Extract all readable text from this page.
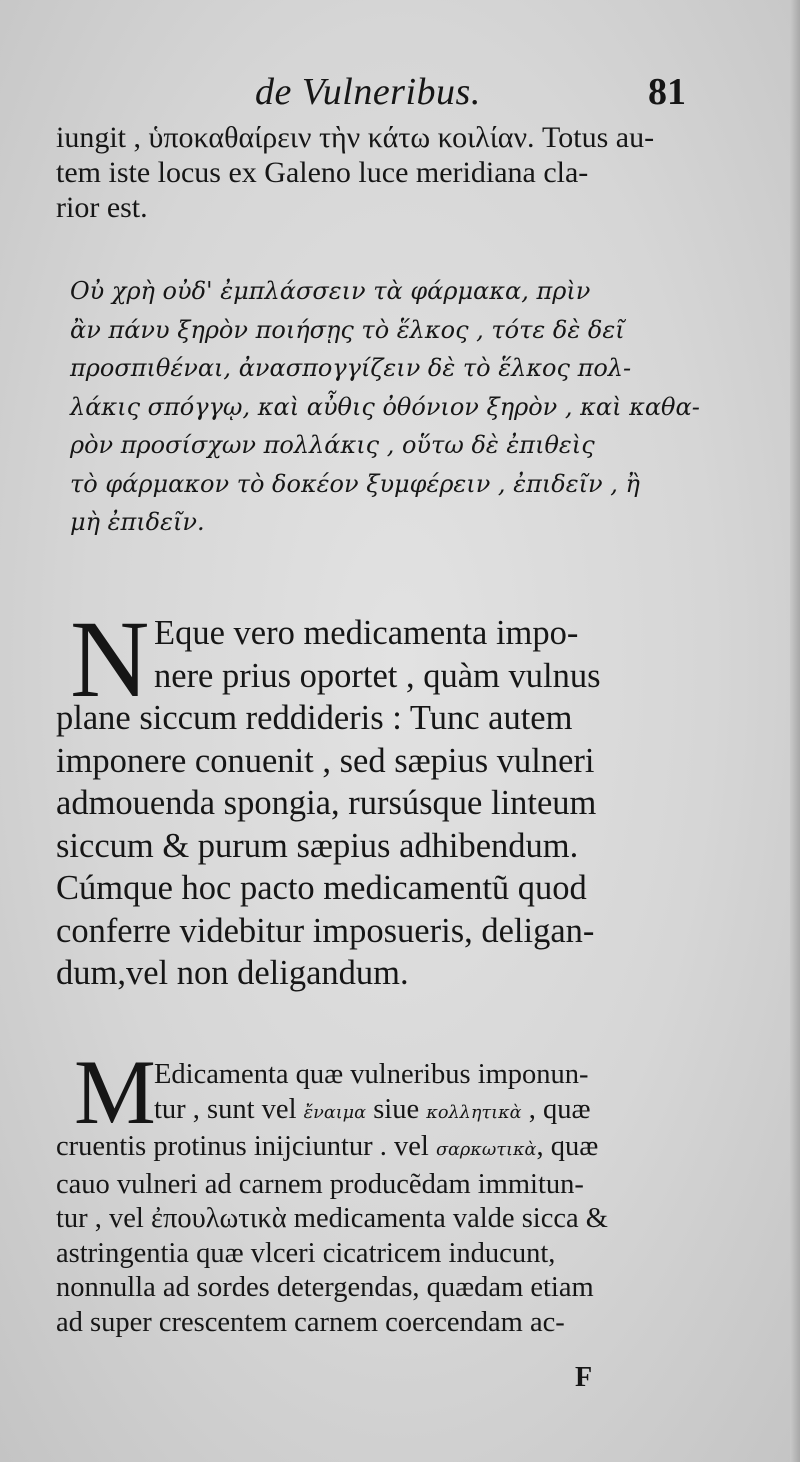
de Vulneribus.	81
iungit , ὑποκαθαίρειν τὴν κάτω κοιλίαν. Totus au-
tem iste locus ex Galeno luce meridiana cla-
rior est.
Οὐ χρὴ οὐδ' ἐμπλάσσειν τὰ φάρμακα, πρὶν
ἂν πάνυ ξηρὸν ποιήσῃς τὸ ἕλκος , τότε δὲ δεῖ
προσπιθέναι, ἀνασπογγίζειν δὲ τὸ ἕλκος πολ-
λάκις σπόγγῳ, καὶ αὖθις ὀθόνιον ξηρὸν , καὶ καθα-
ρὸν προσίσχων πολλάκις , οὕτω δὲ ἐπιθεὶς
τὸ φάρμακον τὸ δοκέον ξυμφέρειν , ἐπιδεῖν , ἢ
μὴ ἐπιδεῖν.
N Eque vero medicamenta impo-
nere prius oportet , quàm vulnus
plane siccum reddideris : Tunc autem
imponere conuenit , sed sæpius vulneri
admouenda spongia, rursúsque linteum
siccum & purum sæpius adhibendum.
Cúmque hoc pacto medicamentũ quod
conferre videbitur imposueris, deligan-
dum,vel non deligandum.
M
Edicamenta quæ vulneribus imponun-
tur , sunt vel ἔναιμα siue κολλητικὰ , quæ
cruentis protinus inijciuntur . vel σαρκωτικὰ, quæ
cauo vulneri ad carnem producẽdam immitun-
tur , vel ἐπουλωτικὰ medicamenta valde sicca &
astringentia quæ vlceri cicatricem inducunt,
nonnulla ad sordes detergendas, quædam etiam
ad super crescentem carnem coercendam ac-
F
